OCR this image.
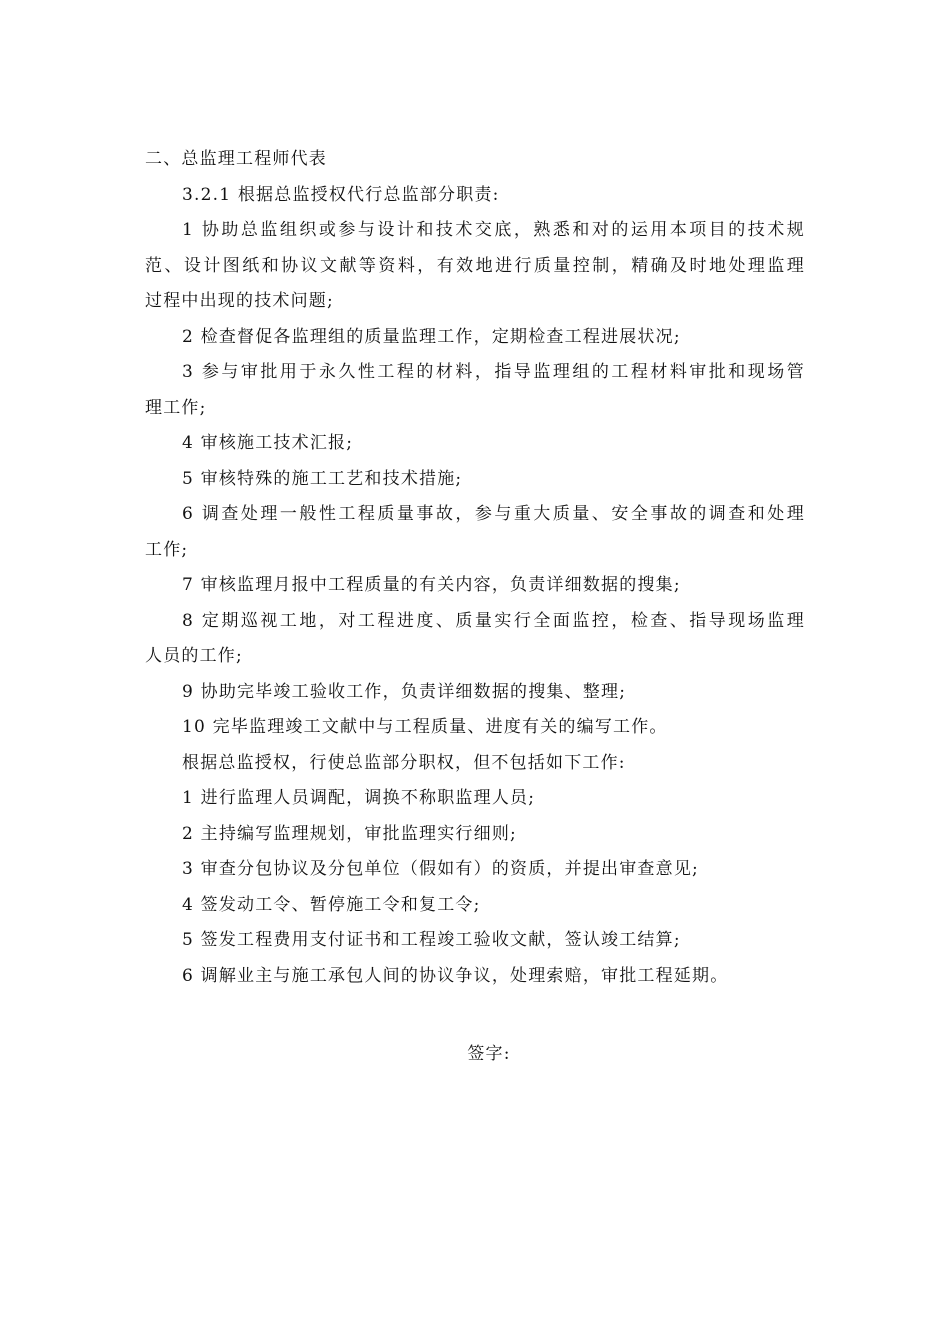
二、总监理工程师代表
3.2.1 根据总监授权代行总监部分职责:
1 协助总监组织或参与设计和技术交底，熟悉和对的运用本项目的技术规
范、设计图纸和协议文献等资料，有效地进行质量控制，精确及时地处理监理
过程中出现的技术问题;
2 检查督促各监理组的质量监理工作，定期检查工程进展状况;
3 参与审批用于永久性工程的材料，指导监理组的工程材料审批和现场管
理工作;
4 审核施工技术汇报;
5 审核特殊的施工工艺和技术措施;
6 调查处理一般性工程质量事故，参与重大质量、安全事故的调查和处理
工作;
7 审核监理月报中工程质量的有关内容，负责详细数据的搜集;
8 定期巡视工地，对工程进度、质量实行全面监控，检查、指导现场监理
人员的工作;
9 协助完毕竣工验收工作，负责详细数据的搜集、整理;
10 完毕监理竣工文献中与工程质量、进度有关的编写工作。
根据总监授权，行使总监部分职权，但不包括如下工作:
1 进行监理人员调配，调换不称职监理人员;
2 主持编写监理规划，审批监理实行细则;
3 审查分包协议及分包单位（假如有）的资质，并提出审查意见;
4 签发动工令、暂停施工令和复工令;
5 签发工程费用支付证书和工程竣工验收文献，签认竣工结算;
6 调解业主与施工承包人间的协议争议，处理索赔，审批工程延期。
签字:
